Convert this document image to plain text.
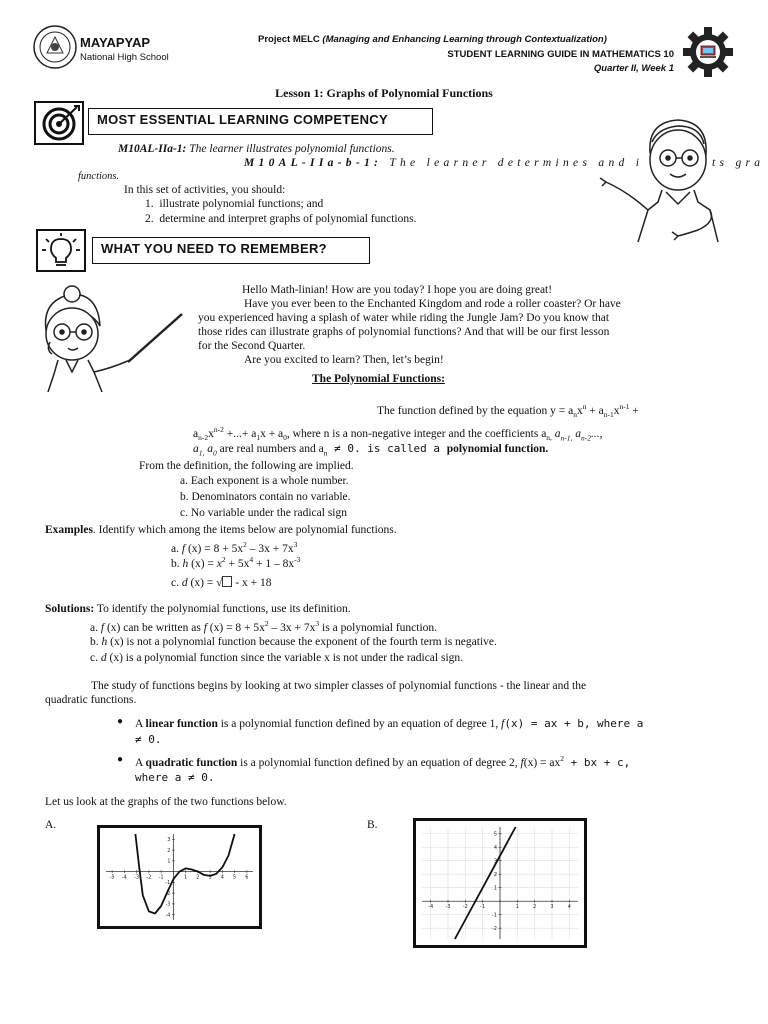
MAYAPYAP
National High School
Project MELC (Managing and Enhancing Learning through Contextualization)
STUDENT LEARNING GUIDE IN MATHEMATICS 10
Quarter II, Week 1
Lesson 1: Graphs of Polynomial Functions
MOST ESSENTIAL LEARNING COMPETENCY
M10AL-IIa-1: The learner illustrates polynomial functions.
M10AL-IIa-b-1: The learner determines and i	ts gra
functions.
In this set of activities, you should:
1. illustrate polynomial functions; and
2. determine and interpret graphs of polynomial functions.
WHAT YOU NEED TO REMEMBER?
Hello Math-linian! How are you today? I hope you are doing great!
Have you ever been to the Enchanted Kingdom and rode a roller coaster? Or have
you experienced having a splash of water while riding the Jungle Jam? Do you know that
those rides can illustrate graphs of polynomial functions? And that will be our first lesson
for the Second Quarter.
Are you excited to learn? Then, let’s begin!
The Polynomial Functions:
The function defined by the equation $y = a_nx^n + a_{n-1}x^{n-1}$ +
$a_{n-2}x^{n-2}$ +...+ $a_1x + a_0$, where n is a non-negative integer and the coefficients $a_{n,}$ $a_{n-1,}$ $a_{n-2}$...,
$a_{1,}$ $a_0$ are real numbers and $a_n \ne 0$. is called a polynomial function.
From the definition, the following are implied.
a. Each exponent is a whole number.
b. Denominators contain no variable.
c. No variable under the radical sign
Examples. Identify which among the items below are polynomial functions.
a. f $(x) = 8 + 5x^2 - 3x + 7x^3$
b. h $(x) = x^2 + 5x^4 + 1 - 8x^{-3}$
c. d (x) = √ - x + 18
Solutions: To identify the polynomial functions, use its definition.
a. f (x) can be written as f $(x) = 8 + 5x^2 - 3x + 7x^3$ is a polynomial function.
b. h (x) is not a polynomial function because the exponent of the fourth term is negative.
c. d (x) is a polynomial function since the variable x is not under the radical sign.
The study of functions begins by looking at two simpler classes of polynomial functions - the linear and the
quadratic functions.
● A linear function is a polynomial function defined by an equation of degree 1, f(x) = ax + b, where a
≠ 0.
● A quadratic function is a polynomial function defined by an equation of degree 2, $f(x) = ax^2$ + bx + c,
where a ≠ 0.
Let us look at the graphs of the two functions below.
A.	B.
-5 -4 -3 -2 -1	1 2 3 4 5 6
-4
-3
-2
-1
1
2
3
-4 -3 -2 -1	1	2	3	4
-2
-1
1
2
3
4
5
